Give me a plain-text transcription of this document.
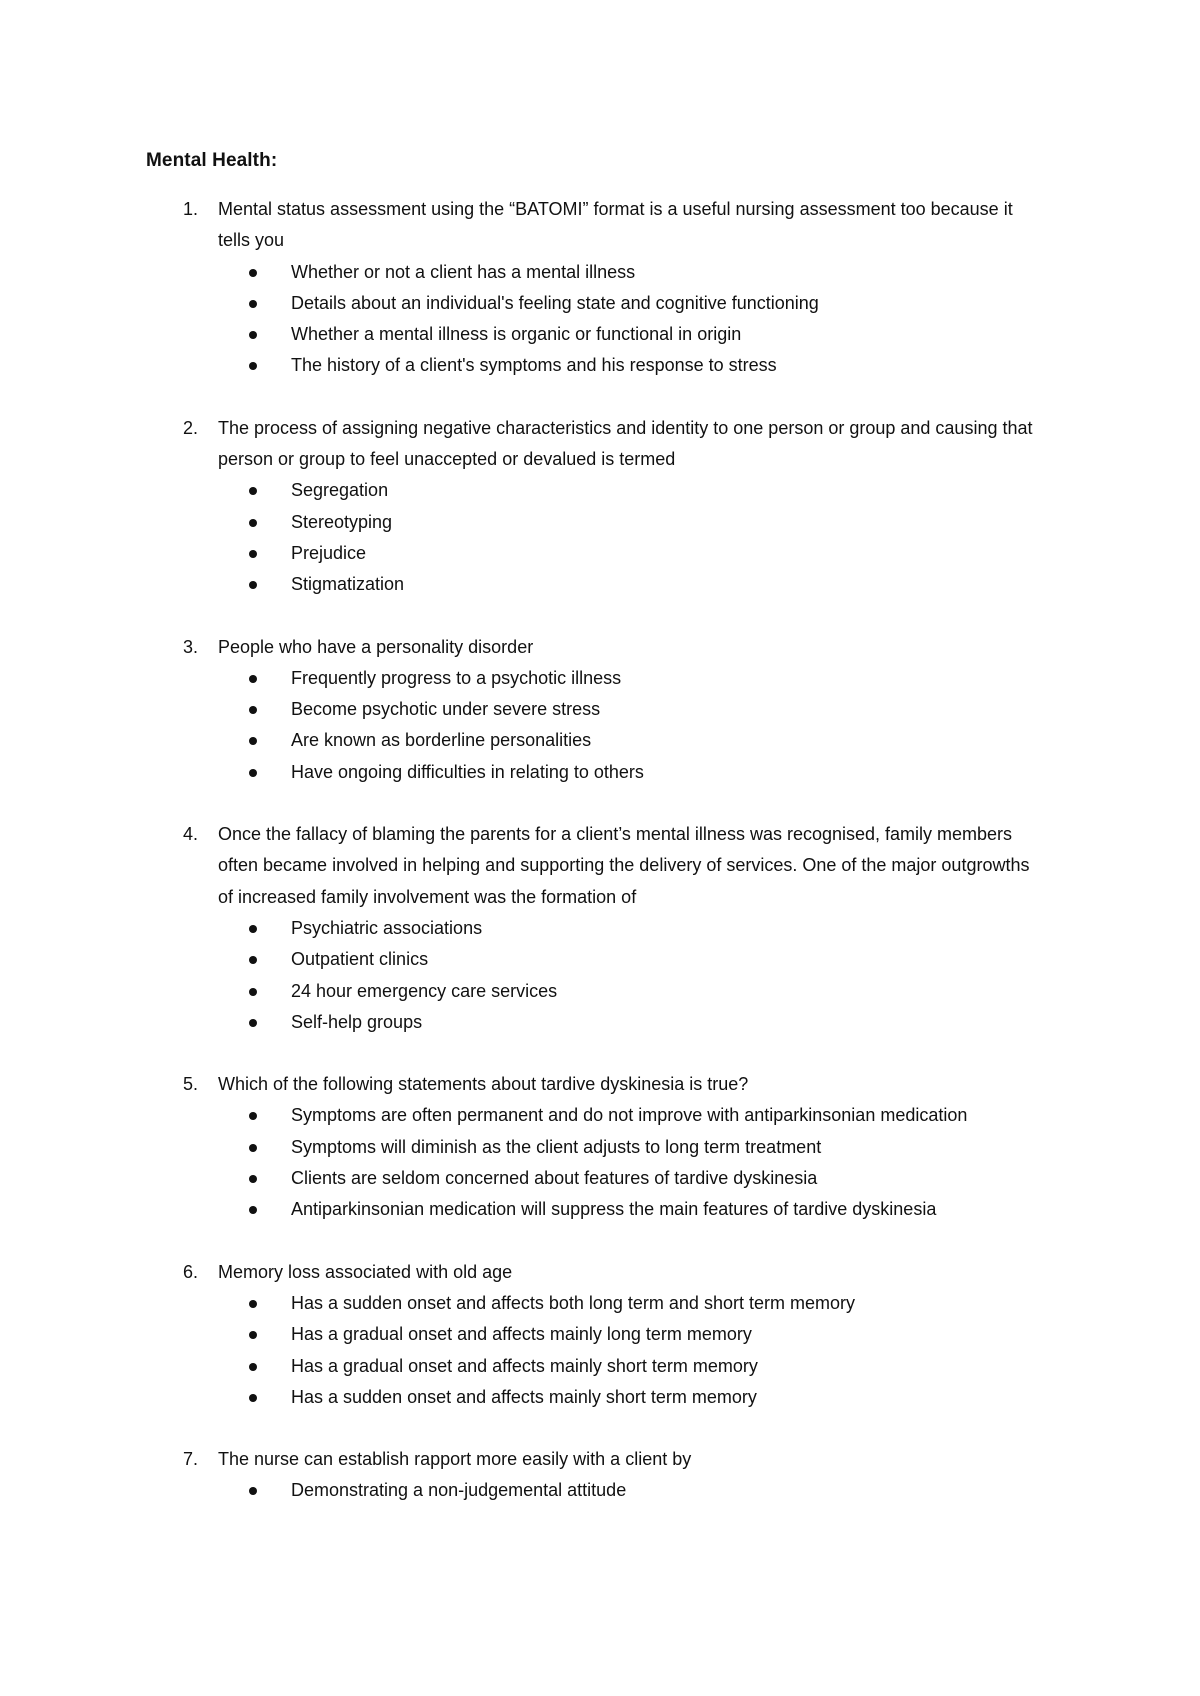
Mental Health:
1. Mental status assessment using the “BATOMI” format is a useful nursing assessment too because it tells you
Whether or not a client has a mental illness
Details about an individual's feeling state and cognitive functioning
Whether a mental illness is organic or functional in origin
The history of a client's symptoms and his response to stress
2. The process of assigning negative characteristics and identity to one person or group and causing that person or group to feel unaccepted or devalued is termed
Segregation
Stereotyping
Prejudice
Stigmatization
3. People who have a personality disorder
Frequently progress to a psychotic illness
Become psychotic under severe stress
Are known as borderline personalities
Have ongoing difficulties in relating to others
4. Once the fallacy of blaming the parents for a client’s mental illness was recognised, family members often became involved in helping and supporting the delivery of services. One of the major outgrowths of increased family involvement was the formation of
Psychiatric associations
Outpatient clinics
24 hour emergency care services
Self-help groups
5. Which of the following statements about tardive dyskinesia is true?
Symptoms are often permanent and do not improve with antiparkinsonian medication
Symptoms will diminish as the client adjusts to long term treatment
Clients are seldom concerned about features of tardive dyskinesia
Antiparkinsonian medication will suppress the main features of tardive dyskinesia
6. Memory loss associated with old age
Has a sudden onset and affects both long term and short term memory
Has a gradual onset and affects mainly long term memory
Has a gradual onset and affects mainly short term memory
Has a sudden onset and affects mainly short term memory
7. The nurse can establish rapport more easily with a client by
Demonstrating a non-judgemental attitude
